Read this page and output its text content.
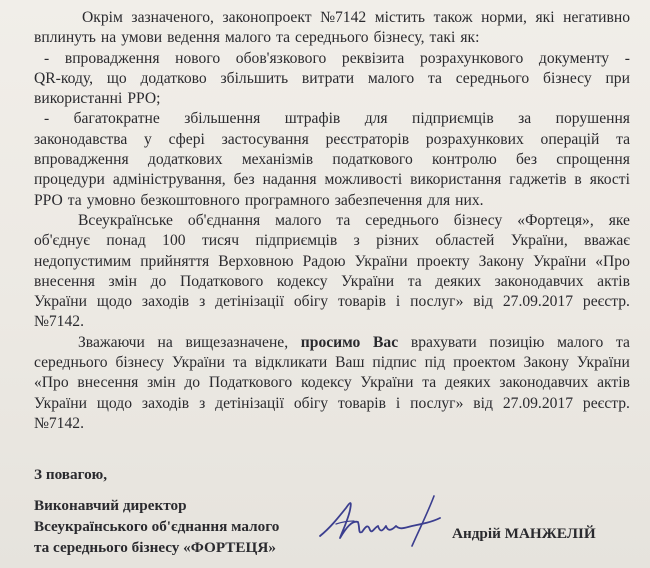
Окрім зазначеного, законопроект №7142 містить також норми, які негативно
вплинуть на умови ведення малого та середнього бізнесу, такі як:
- впровадження нового обов'язкового реквізита розрахункового документу -
QR-коду, що додатково збільшить витрати малого та середнього бізнесу при
використанні РРО;
- багатократне збільшення штрафів для підприємців за порушення
законодавства у сфері застосування реєстраторів розрахункових операцій та
впровадження додаткових механізмів податкового контролю без спрощення
процедури адміністрування, без надання можливості використання гаджетів в якості
РРО та умовно безкоштовного програмного забезпечення для них.
Всеукраїнське об'єднання малого та середнього бізнесу «Фортеця», яке
об'єднує понад 100 тисяч підприємців з різних областей України, вважає
недопустимим прийняття Верховною Радою України проекту Закону України «Про
внесення змін до Податкового кодексу України та деяких законодавчих актів
України щодо заходів з детінізації обігу товарів і послуг» від 27.09.2017 реєстр.
№7142.
Зважаючи на вищезазначене, просимо Вас врахувати позицію малого та
середнього бізнесу України та відкликати Ваш підпис під проектом Закону України
«Про внесення змін до Податкового кодексу України та деяких законодавчих актів
України щодо заходів з детінізації обігу товарів і послуг» від 27.09.2017 реєстр.
№7142.
З повагою,
Виконавчий директор
Всеукраїнського об'єднання малого
та середнього бізнесу «ФОРТЕЦЯ»
Андрій МАНЖЕЛІЙ
